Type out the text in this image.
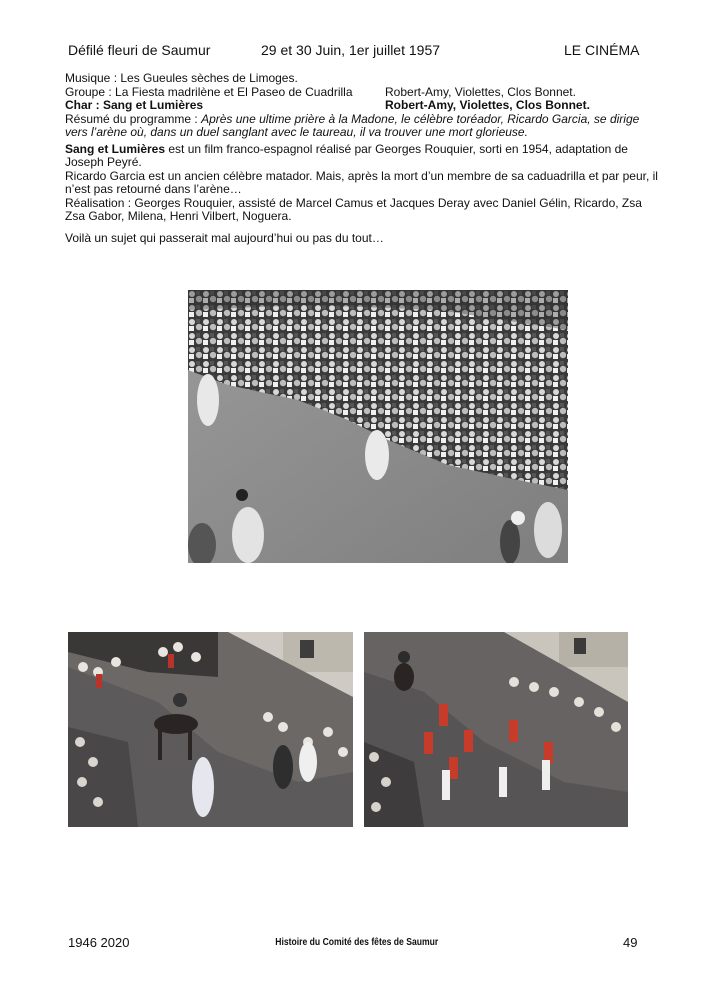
Défilé fleuri de Saumur	29 et 30 Juin, 1er juillet 1957	LE CINÉMA
Musique : Les Gueules sèches de Limoges.
Groupe : La Fiesta madrilène et El Paseo de Cuadrilla	Robert-Amy, Violettes, Clos Bonnet.
Char : Sang et Lumières	Robert-Amy, Violettes, Clos Bonnet.

Résumé du programme : Après une ultime prière à la Madone, le célèbre toréador, Ricardo Garcia, se dirige vers l’arène où, dans un duel sanglant avec le taureau, il va trouver une mort glorieuse.

Sang et Lumières est un film franco-espagnol réalisé par Georges Rouquier, sorti en 1954, adaptation de Joseph Peyré.

Ricardo Garcia est un ancien célèbre matador. Mais, après la mort d’un membre de sa caduadrilla et par peur, il n’est pas retourné dans l’arène…

Réalisation : Georges Rouquier, assisté de Marcel Camus et Jacques Deray avec Daniel Gélin, Ricardo, Zsa Zsa Gabor, Milena, Henri Vilbert, Noguera.

Voilà un sujet qui passerait mal aujourd’hui ou pas du tout…

1946 2020	Histoire du Comité des fêtes de Saumur	49
